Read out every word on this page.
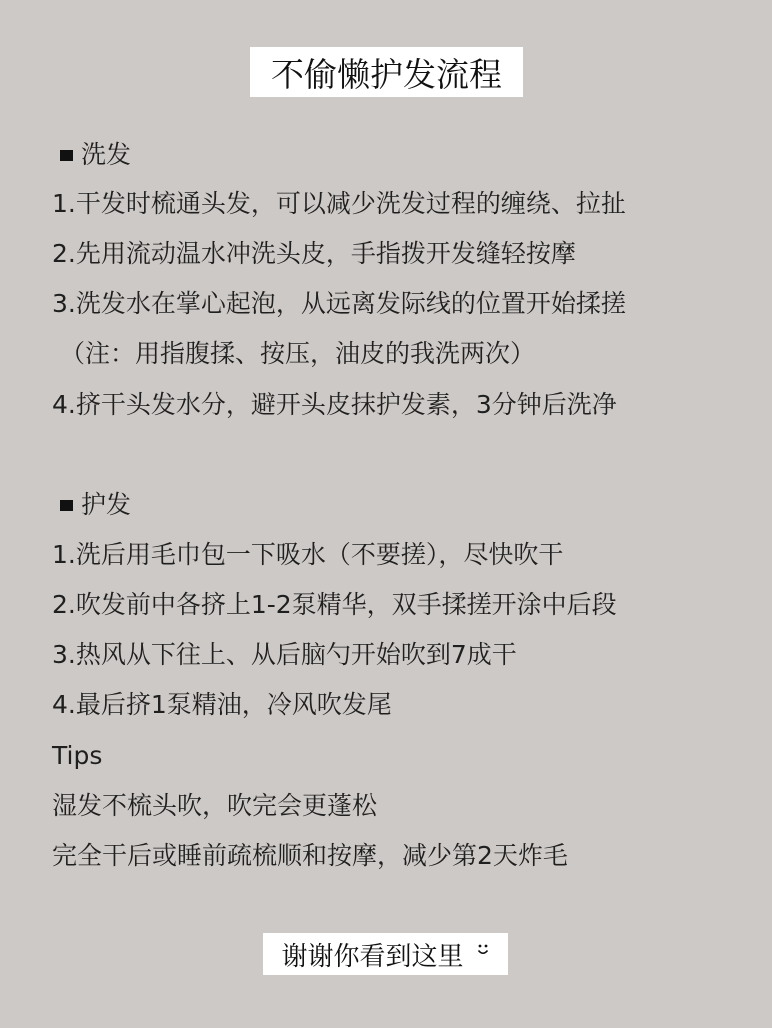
不偷懒护发流程
洗发
1.干发时梳通头发，可以减少洗发过程的缠绕、拉扯
2.先用流动温水冲洗头皮，手指拨开发缝轻按摩
3.洗发水在掌心起泡，从远离发际线的位置开始揉搓
（注：用指腹揉、按压，油皮的我洗两次）
4.挤干头发水分，避开头皮抹护发素，3分钟后洗净
护发
1.洗后用毛巾包一下吸水（不要搓），尽快吹干
2.吹发前中各挤上1-2泵精华，双手揉搓开涂中后段
3.热风从下往上、从后脑勺开始吹到7成干
4.最后挤1泵精油，冷风吹发尾
Tips
湿发不梳头吹，吹完会更蓬松
完全干后或睡前疏梳顺和按摩，减少第2天炸毛
谢谢你看到这里
